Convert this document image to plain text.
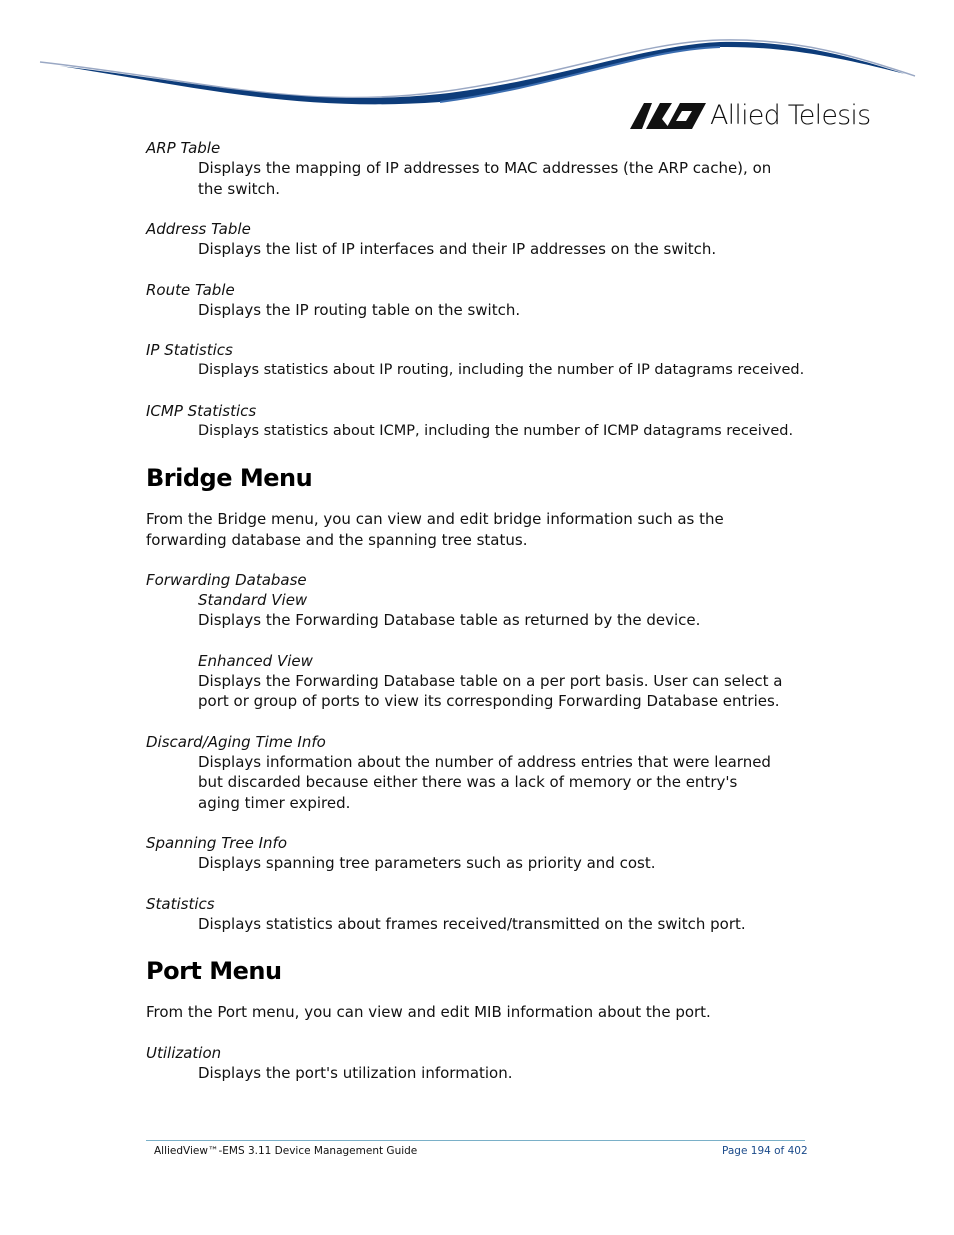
Allied Telesis

ARP Table

Displays the mapping of IP addresses to MAC addresses (the ARP cache), on the switch.

Address Table

Displays the list of IP interfaces and their IP addresses on the switch.

Route Table

Displays the IP routing table on the switch.

IP Statistics

Displays statistics about IP routing, including the number of IP datagrams received.

ICMP Statistics

Displays statistics about ICMP, including the number of ICMP datagrams received.

Bridge Menu

From the Bridge menu, you can view and edit bridge information such as the forwarding database and the spanning tree status.

Forwarding Database

Standard View

Displays the Forwarding Database table as returned by the device.

Enhanced View

Displays the Forwarding Database table on a per port basis. User can select a port or group of ports to view its corresponding Forwarding Database entries.

Discard/Aging Time Info

Displays information about the number of address entries that were learned but discarded because either there was a lack of memory or the entry's aging timer expired.

Spanning Tree Info

Displays spanning tree parameters such as priority and cost.

Statistics

Displays statistics about frames received/transmitted on the switch port.

Port Menu

From the Port menu, you can view and edit MIB information about the port.

Utilization

Displays the port's utilization information.

AlliedView™-EMS 3.11 Device Management Guide	Page 194 of 402
